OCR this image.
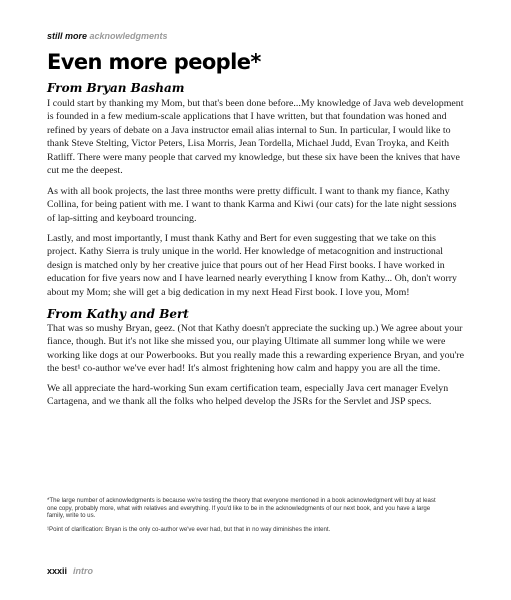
still more acknowledgments
Even more people*
From Bryan Basham
I could start by thanking my Mom, but that's been done before...My knowledge of Java web development is founded in a few medium-scale applications that I have written, but that foundation was honed and refined by years of debate on a Java instructor email alias internal to Sun. In particular, I would like to thank Steve Stelting, Victor Peters, Lisa Morris, Jean Tordella, Michael Judd, Evan Troyka, and Keith Ratliff. There were many people that carved my knowledge, but these six have been the knives that have cut me the deepest.
As with all book projects, the last three months were pretty difficult. I want to thank my fiance, Kathy Collina, for being patient with me. I want to thank Karma and Kiwi (our cats) for the late night sessions of lap-sitting and keyboard trouncing.
Lastly, and most importantly, I must thank Kathy and Bert for even suggesting that we take on this project. Kathy Sierra is truly unique in the world. Her knowledge of metacognition and instructional design is matched only by her creative juice that pours out of her Head First books. I have worked in education for five years now and I have learned nearly everything I know from Kathy... Oh, don't worry about my Mom; she will get a big dedication in my next Head First book. I love you, Mom!
From Kathy and Bert
That was so mushy Bryan, geez. (Not that Kathy doesn't appreciate the sucking up.) We agree about your fiance, though. But it's not like she missed you, our playing Ultimate all summer long while we were working like dogs at our Powerbooks. But you really made this a rewarding experience Bryan, and you're the best¹ co-author we've ever had! It's almost frightening how calm and happy you are all the time.
We all appreciate the hard-working Sun exam certification team, especially Java cert manager Evelyn Cartagena, and we thank all the folks who helped develop the JSRs for the Servlet and JSP specs.

*The large number of acknowledgments is because we're testing the theory that everyone mentioned in a book acknowledgment will buy at least one copy, probably more, what with relatives and everything. If you'd like to be in the acknowledgments of our next book, and you have a large family, write to us.

¹Point of clarification: Bryan is the only co-author we've ever had, but that in no way diminishes the intent.

xxxii intro
